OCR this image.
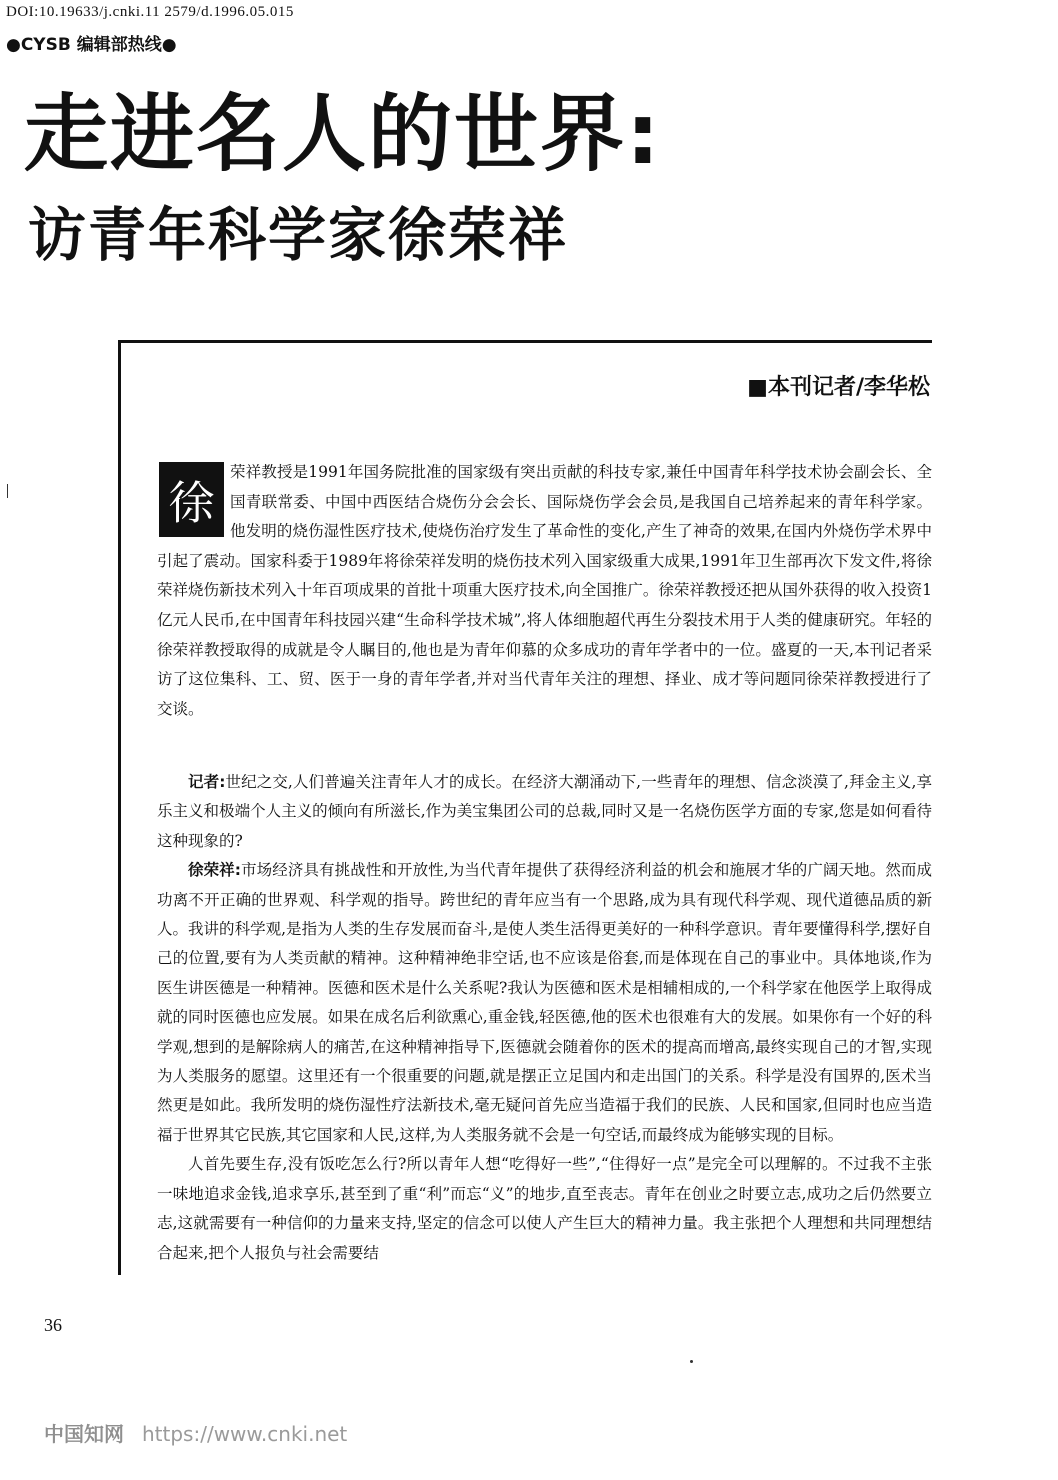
DOI:10.19633/j.cnki.11 2579/d.1996.05.015
●CYSB 编辑部热线●
走进名人的世界:
访青年科学家徐荣祥
■本刊记者/李华松
徐

荣祥教授是1991年国务院批准的国家级有突出贡献的科技专家,兼任中国青年科学技术协会副会长、全国青联常委、中国中西医结合烧伤分会会长、国际烧伤学会会员,是我国自己培养起来的青年科学家。他发明的烧伤湿性医疗技术,使烧伤治疗发生了革命性的变化,产生了神奇的效果,在国内外烧伤学术界中引起了震动。国家科委于1989年将徐荣祥发明的烧伤技术列入国家级重大成果,1991年卫生部再次下发文件,将徐荣祥烧伤新技术列入十年百项成果的首批十项重大医疗技术,向全国推广。徐荣祥教授还把从国外获得的收入投资1亿元人民币,在中国青年科技园兴建“生命科学技术城”,将人体细胞超代再生分裂技术用于人类的健康研究。年轻的徐荣祥教授取得的成就是令人瞩目的,他也是为青年仰慕的众多成功的青年学者中的一位。盛夏的一天,本刊记者采访了这位集科、工、贸、医于一身的青年学者,并对当代青年关注的理想、择业、成才等问题同徐荣祥教授进行了交谈。

记者:世纪之交,人们普遍关注青年人才的成长。在经济大潮涌动下,一些青年的理想、信念淡漠了,拜金主义,享乐主义和极端个人主义的倾向有所滋长,作为美宝集团公司的总裁,同时又是一名烧伤医学方面的专家,您是如何看待这种现象的?

徐荣祥:市场经济具有挑战性和开放性,为当代青年提供了获得经济利益的机会和施展才华的广阔天地。然而成功离不开正确的世界观、科学观的指导。跨世纪的青年应当有一个思路,成为具有现代科学观、现代道德品质的新人。我讲的科学观,是指为人类的生存发展而奋斗,是使人类生活得更美好的一种科学意识。青年要懂得科学,摆好自己的位置,要有为人类贡献的精神。这种精神绝非空话,也不应该是俗套,而是体现在自己的事业中。具体地谈,作为医生讲医德是一种精神。医德和医术是什么关系呢?我认为医德和医术是相辅相成的,一个科学家在他医学上取得成就的同时医德也应发展。如果在成名后利欲熏心,重金钱,轻医德,他的医术也很难有大的发展。如果你有一个好的科学观,想到的是解除病人的痛苦,在这种精神指导下,医德就会随着你的医术的提高而增高,最终实现自己的才智,实现为人类服务的愿望。这里还有一个很重要的问题,就是摆正立足国内和走出国门的关系。科学是没有国界的,医术当然更是如此。我所发明的烧伤湿性疗法新技术,毫无疑问首先应当造福于我们的民族、人民和国家,但同时也应当造福于世界其它民族,其它国家和人民,这样,为人类服务就不会是一句空话,而最终成为能够实现的目标。

人首先要生存,没有饭吃怎么行?所以青年人想“吃得好一些”,“住得好一点”是完全可以理解的。不过我不主张一味地追求金钱,追求享乐,甚至到了重“利”而忘“义”的地步,直至丧志。青年在创业之时要立志,成功之后仍然要立志,这就需要有一种信仰的力量来支持,坚定的信念可以使人产生巨大的精神力量。我主张把个人理想和共同理想结合起来,把个人报负与社会需要结

36
中国知网 https://www.cnki.net
